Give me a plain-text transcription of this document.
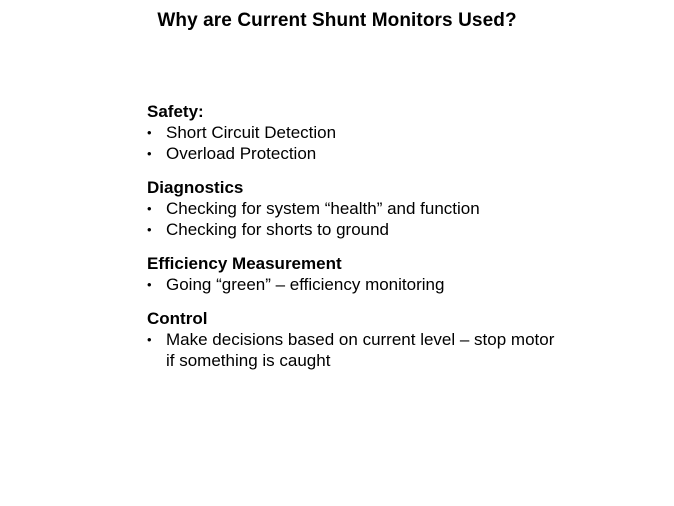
Why are Current Shunt Monitors Used?
Safety:
• Short Circuit Detection
• Overload Protection
Diagnostics
• Checking for system “health” and function
• Checking for shorts to ground
Efficiency Measurement
• Going “green” – efficiency monitoring
Control
• Make decisions based on current level – stop motor if something is caught
